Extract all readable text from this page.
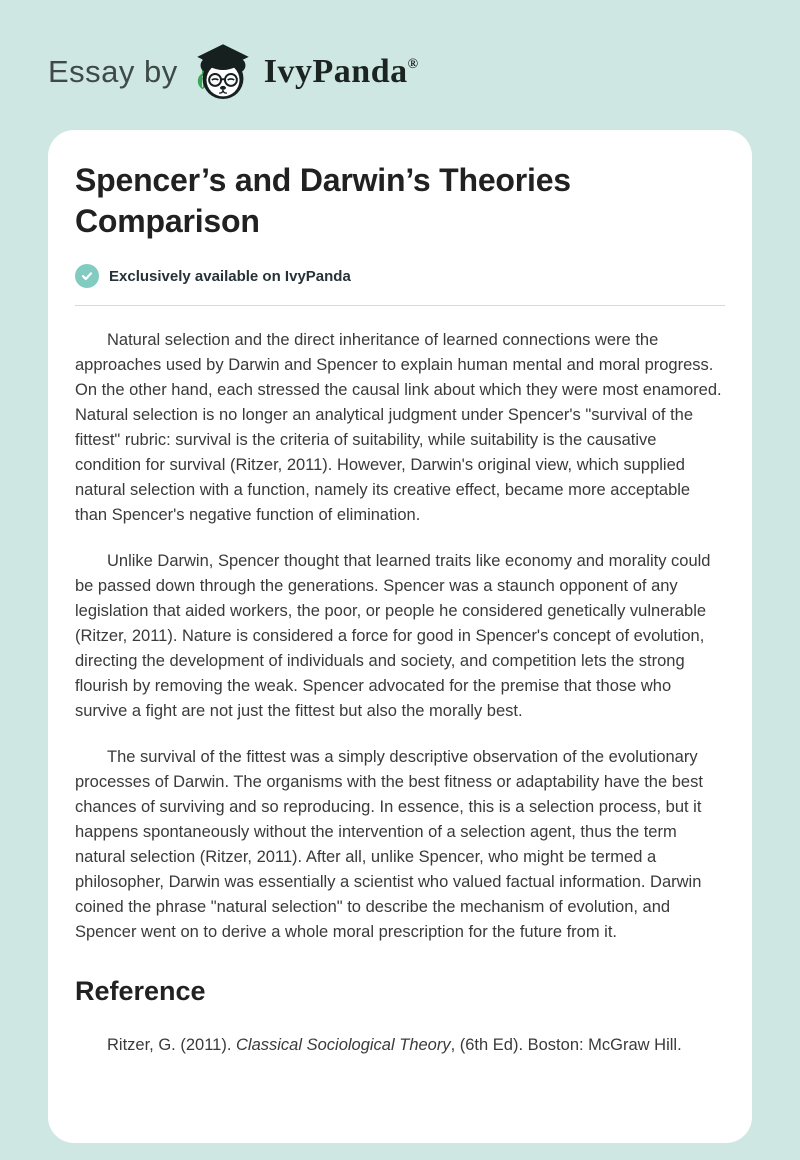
Essay by	IvyPanda®
Spencer’s and Darwin’s Theories Comparison
Exclusively available on IvyPanda

Natural selection and the direct inheritance of learned connections were the approaches used by Darwin and Spencer to explain human mental and moral progress. On the other hand, each stressed the causal link about which they were most enamored. Natural selection is no longer an analytical judgment under Spencer's "survival of the fittest" rubric: survival is the criteria of suitability, while suitability is the causative condition for survival (Ritzer, 2011). However, Darwin's original view, which supplied natural selection with a function, namely its creative effect, became more acceptable than Spencer's negative function of elimination.

Unlike Darwin, Spencer thought that learned traits like economy and morality could be passed down through the generations. Spencer was a staunch opponent of any legislation that aided workers, the poor, or people he considered genetically vulnerable (Ritzer, 2011). Nature is considered a force for good in Spencer's concept of evolution, directing the development of individuals and society, and competition lets the strong flourish by removing the weak. Spencer advocated for the premise that those who survive a fight are not just the fittest but also the morally best.

The survival of the fittest was a simply descriptive observation of the evolutionary processes of Darwin. The organisms with the best fitness or adaptability have the best chances of surviving and so reproducing. In essence, this is a selection process, but it happens spontaneously without the intervention of a selection agent, thus the term natural selection (Ritzer, 2011). After all, unlike Spencer, who might be termed a philosopher, Darwin was essentially a scientist who valued factual information. Darwin coined the phrase "natural selection" to describe the mechanism of evolution, and Spencer went on to derive a whole moral prescription for the future from it.

Reference

Ritzer, G. (2011). Classical Sociological Theory, (6th Ed). Boston: McGraw Hill.
